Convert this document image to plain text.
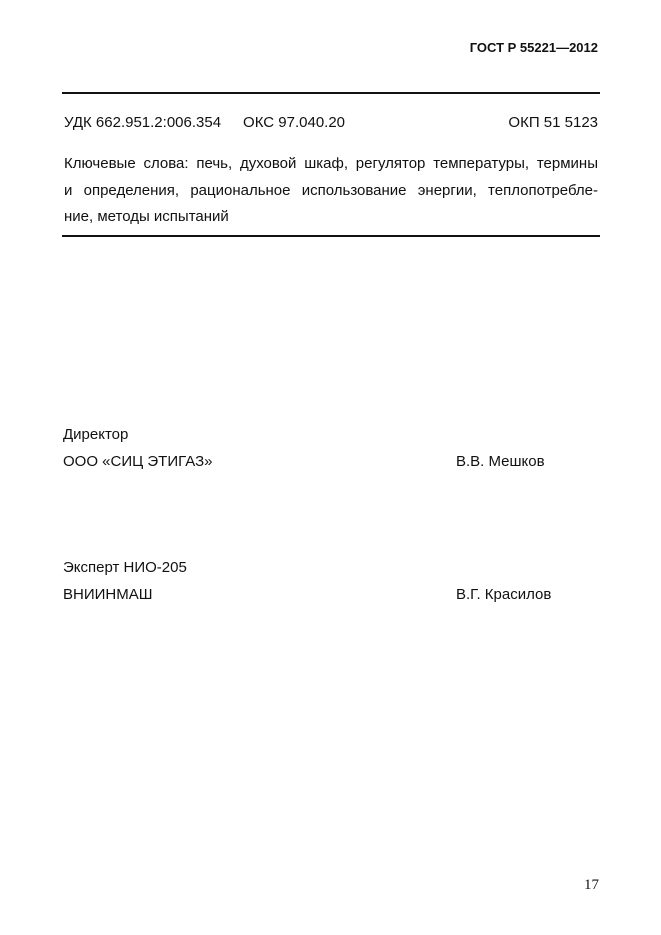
ГОСТ Р 55221—2012
УДК 662.951.2:006.354 ОКС 97.040.20	ОКП 51 5123
Ключевые слова: печь, духовой шкаф, регулятор температуры, термины
и определения, рациональное использование энергии, теплопотребле-
ние, методы испытаний
Директор
ООО «СИЦ ЭТИГАЗ»	В.В. Мешков
Эксперт НИО-205
ВНИИНМАШ	В.Г. Красилов
17
